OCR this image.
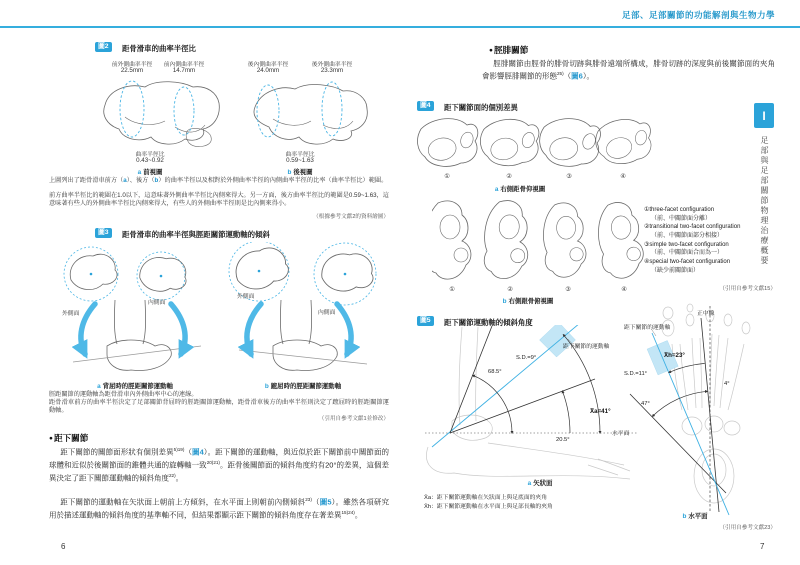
足部、足部關節的功能解剖與生物力學
I
足部與足部關節物理治療概要
圖2	距骨滑車的曲率半徑比
前外側曲率半徑
22.5mm
前內側曲率半徑
14.7mm
後內側曲率半徑
24.0mm
後外側曲率半徑
23.3mm
曲率半徑比
0.43~0.92
曲率半徑比
0.59~1.63
a 前視圖	b 後視圖
上圖列出了距骨滑車前方（a）、後方（b）的曲率半徑以及相對於外側曲率半徑的內側曲率半徑的比率（曲率半徑比）範圍。
前方曲率半徑比的範圍在1.0以下，這意味著外側曲率半徑比內側來得大。另一方面，後方曲率半徑比的範圍是0.59~1.63，這意味著有些人的外側曲率半徑比內側來得大，有些人的外側曲率半徑則是比內側來得小。
（根據參考文獻2的資料繪圖）
圖3	距骨滑車的曲率半徑與脛距關節運動軸的傾斜
外側面
內側面
外側面
內側面
a 背屈時的脛距關節運動軸	b 蹠屈時的脛距關節運動軸
脛距關節的運動軸為距骨滑車內外側曲率中心的連線。
距骨滑車前方的曲率半徑決定了足部關節背屈時的脛距關節運動軸，距骨滑車後方的曲率半徑則決定了蹠屈時的脛距關節運動軸。
（引用自參考文獻1並修改）
●距下關節
距下關節的關節面形狀有個別差異$^{5)19)}$（圖4）。距下關節的運動軸，與近似於距下關節前中關節面的球體和近似於後關節面的錐體共通的旋轉軸一致$^{20)21)}$。距骨後關節面的傾斜角度約有20°的差異，這個差異決定了距下關節運動軸的傾斜角度$^{22)}$。
距下關節的運動軸在矢狀面上朝前上方傾斜，在水平面上則朝前內側傾斜$^{23)}$（圖5）。雖然各項研究用於描述運動軸的傾斜角度的基準軸不同，但結果都顯示距下關節的傾斜角度存在著差異$^{15)24)}$。
6
●脛腓關節
脛腓關節由脛骨的腓骨切跡與腓骨遠端所構成，腓骨切跡的深度與前後關節面的夾角會影響脛腓關節的形態$^{25)}$（圖6）。
圖4	距下關節面的個別差異
①	②	③	④
a 右側距骨仰視圖
①	②	③	④
b 右側跟骨俯視圖
①three-facet configuration
（前、中關節面分離）
②transitional two-facet configuration
（前、中關節面部分相接）
③simple two-facet configuration
（前、中關節面合而為一）
④special two-facet configuration
（缺少前關節面）
（引用自參考文獻15）
圖5	距下關節運動軸的傾斜角度
距下關節的運動軸
S.D.=9°
68.5°
X̄a=41°
20.5°
水平面
a 矢狀面
X̄a：距下關節運動軸在矢狀面上與足底面的夾角
X̄h：距下關節運動軸在水平面上與足部長軸的夾角
正中線
距下關節的運動軸
X̄h=23°
S.D.=11°
4°
47°
b 水平面
（引用自參考文獻23）
7
